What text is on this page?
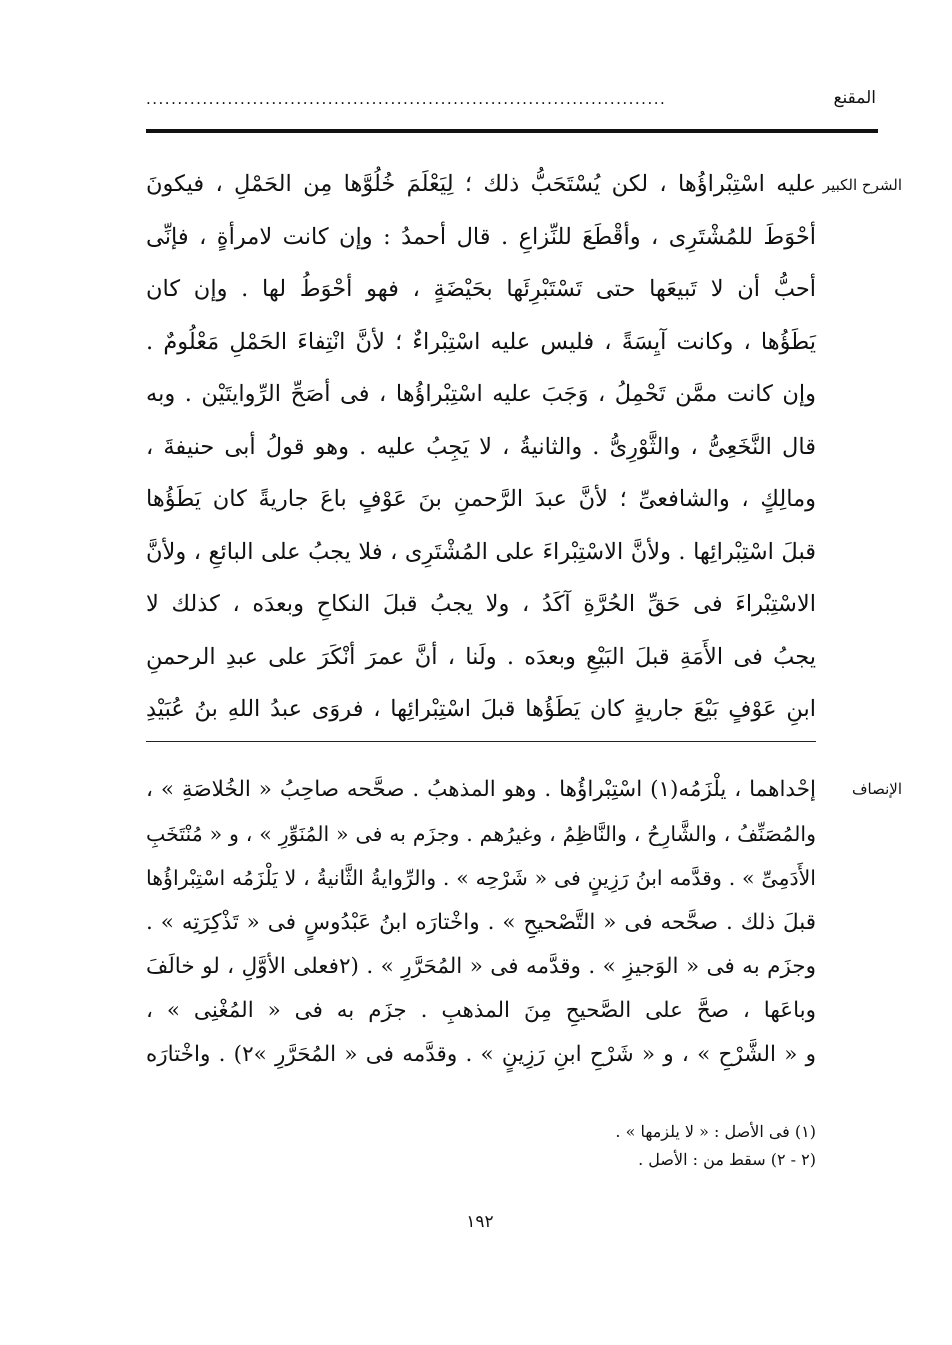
المقنع
...................................................................................
الشرح الكبير

عليه اسْتِبْراؤُها ، لكن يُسْتَحَبُّ ذلك ؛ لِيَعْلَمَ خُلُوَّها مِن الحَمْلِ ، فيكونَ

أحْوَطَ للمُشْتَرِى ، وأقْطَعَ للنِّزاعِ . قال أحمدُ : وإن كانت لامرأةٍ ، فإنِّى

أحبُّ أن لا تَبيعَها حتى تَسْتَبْرِئَها بحَيْضَةٍ ، فهو أحْوَطُ لها . وإن كان

يَطَؤُها ، وكانت آيِسَةً ، فليس عليه اسْتِبْراءٌ ؛ لأنَّ انْتِفاءَ الحَمْلِ مَعْلُومٌ .

وإن كانت ممَّن تَحْمِلُ ، وَجَبَ عليه اسْتِبْراؤُها ، فى أصَحِّ الرِّوايتَيْن . وبه

قال النَّخَعِىُّ ، والثَّوْرِىُّ . والثانيةُ ، لا يَجِبُ عليه . وهو قولُ أبى حنيفةَ ،

ومالِكٍ ، والشافعىِّ ؛ لأنَّ عبدَ الرَّحمنِ بنَ عَوْفٍ باعَ جاريةً كان يَطَؤُها

قبلَ اسْتِبْرائِها . ولأنَّ الاسْتِبْراءَ على المُشْتَرِى ، فلا يجبُ على البائعِ ، ولأنَّ

الاسْتِبْراءَ فى حَقِّ الحُرَّةِ آكَدُ ، ولا يجبُ قبلَ النكاحِ وبعدَه ، كذلك لا

يجبُ فى الأَمَةِ قبلَ البَيْعِ وبعدَه . ولَنا ، أنَّ عمرَ أنْكَرَ على عبدِ الرحمنِ

ابنِ عَوْفٍ بَيْعَ جاريةٍ كان يَطَؤُها قبلَ اسْتِبْرائِها ، فروَى عبدُ اللهِ بنُ عُبَيْدِ

الإنصاف

إحْداهما ، يلْزَمُه(١) اسْتِبْراؤُها . وهو المذهبُ . صحَّحه صاحِبُ « الخُلاصَةِ » ،

والمُصَنِّفُ ، والشَّارِحُ ، والنَّاظِمُ ، وغيرُهم . وجزَم به فى « المُنَوِّرِ » ، و « مُنْتَخَبِ

الأَدَمِىِّ » . وقدَّمه ابنُ رَزِينٍ فى « شَرْحِه » . والرِّوايةُ الثَّانيةُ ، لا يَلْزَمُه اسْتِبْراؤُها

قبلَ ذلك . صحَّحه فى « التَّصْحيحِ » . واخْتارَه ابنُ عَبْدُوسٍ فى « تَذْكِرَتِه » .

وجزَم به فى « الوَجيزِ » . وقدَّمه فى « المُحَرَّرِ » . (٢فعلى الأوَّلِ ، لو خالَفَ

وباعَها ، صحَّ على الصَّحيحِ مِنَ المذهبِ . جزَم به فى « المُغْنِى » ،

و « الشَّرْحِ » ، و « شَرْحِ ابنِ رَزِينٍ » . وقدَّمه فى « المُحَرَّرِ »٢) . واخْتارَه

(١) فى الأصل : « لا يلزمها » .

(٢ - ٢) سقط من : الأصل .

١٩٢
